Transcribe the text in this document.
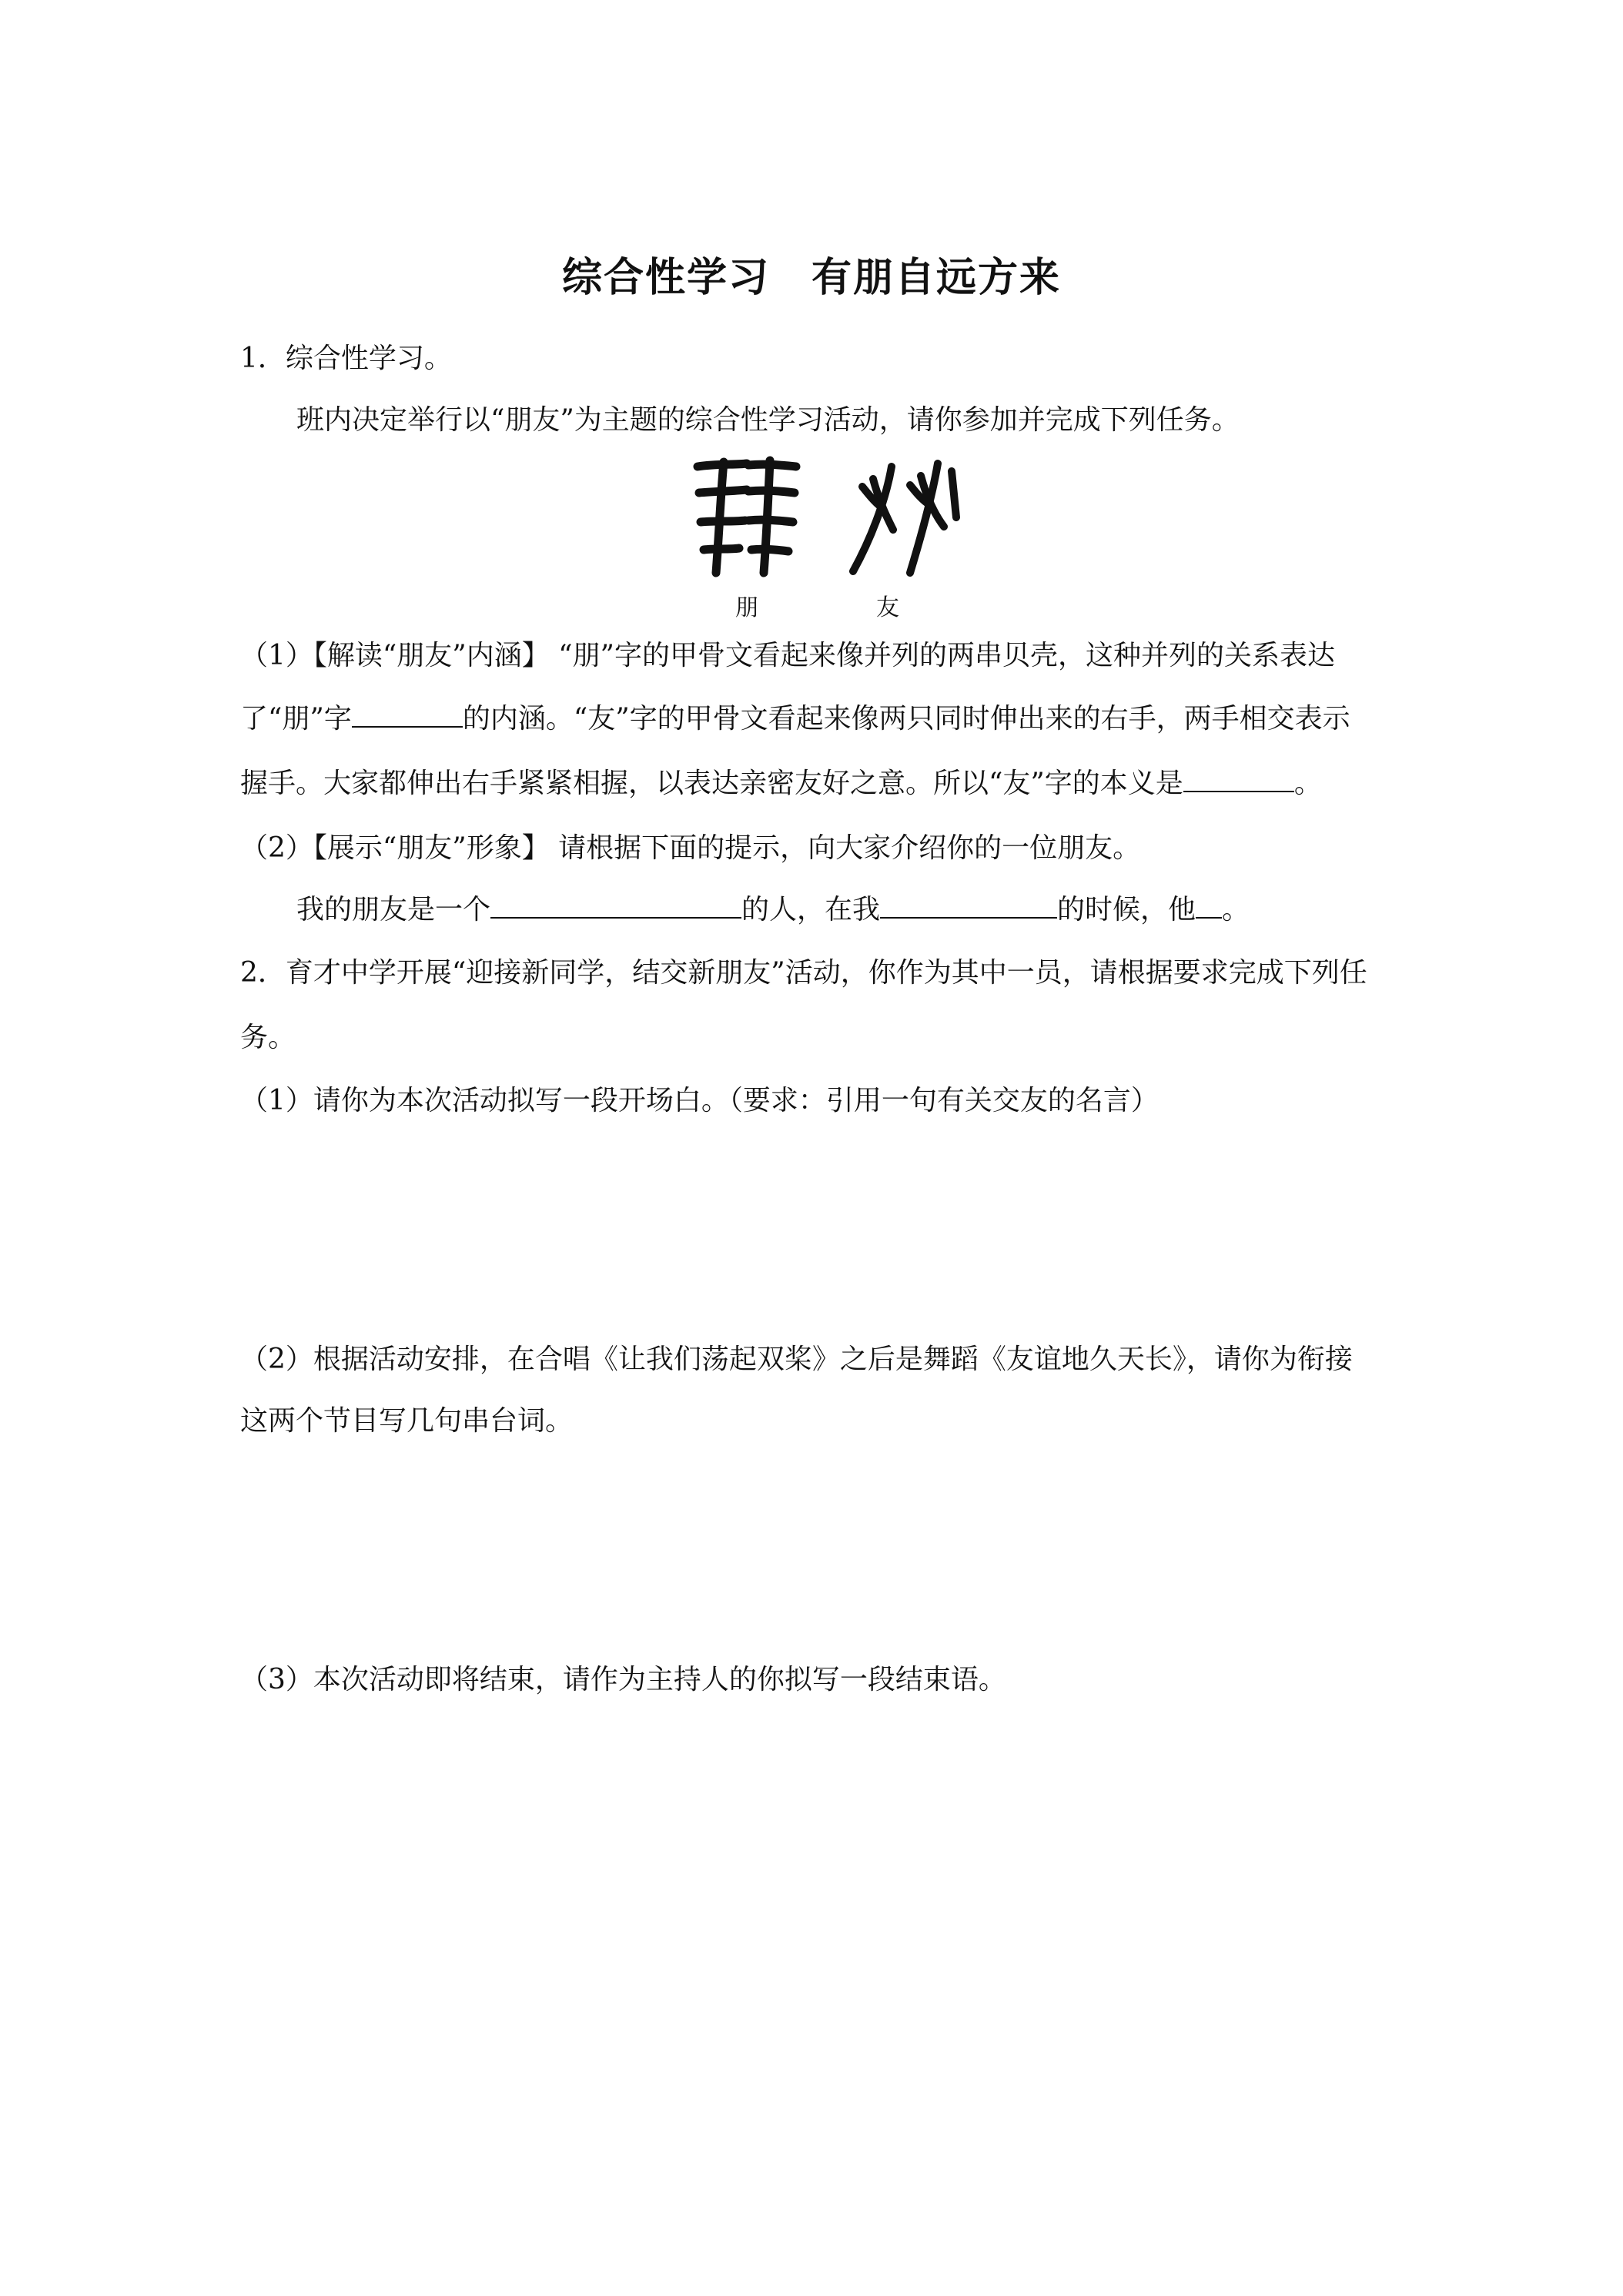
综合性学习　有朋自远方来
1．综合性学习。
班内决定举行以“朋友”为主题的综合性学习活动，请你参加并完成下列任务。
朋	友
（1）【解读“朋友”内涵】 “朋”字的甲骨文看起来像并列的两串贝壳，这种并列的关系表达
了“朋”字	的内涵。“友”字的甲骨文看起来像两只同时伸出来的右手，两手相交表示
握手。大家都伸出右手紧紧相握，以表达亲密友好之意。所以“友”字的本义是	。
（2）【展示“朋友”形象】 请根据下面的提示，向大家介绍你的一位朋友。
我的朋友是一个	的人，在我	的时候，他 。
2．育才中学开展“迎接新同学，结交新朋友”活动，你作为其中一员，请根据要求完成下列任
务。
（1）请你为本次活动拟写一段开场白。（要求：引用一句有关交友的名言）
（2）根据活动安排，在合唱《让我们荡起双桨》之后是舞蹈《友谊地久天长》，请你为衔接
这两个节目写几句串台词。
（3）本次活动即将结束，请作为主持人的你拟写一段结束语。
